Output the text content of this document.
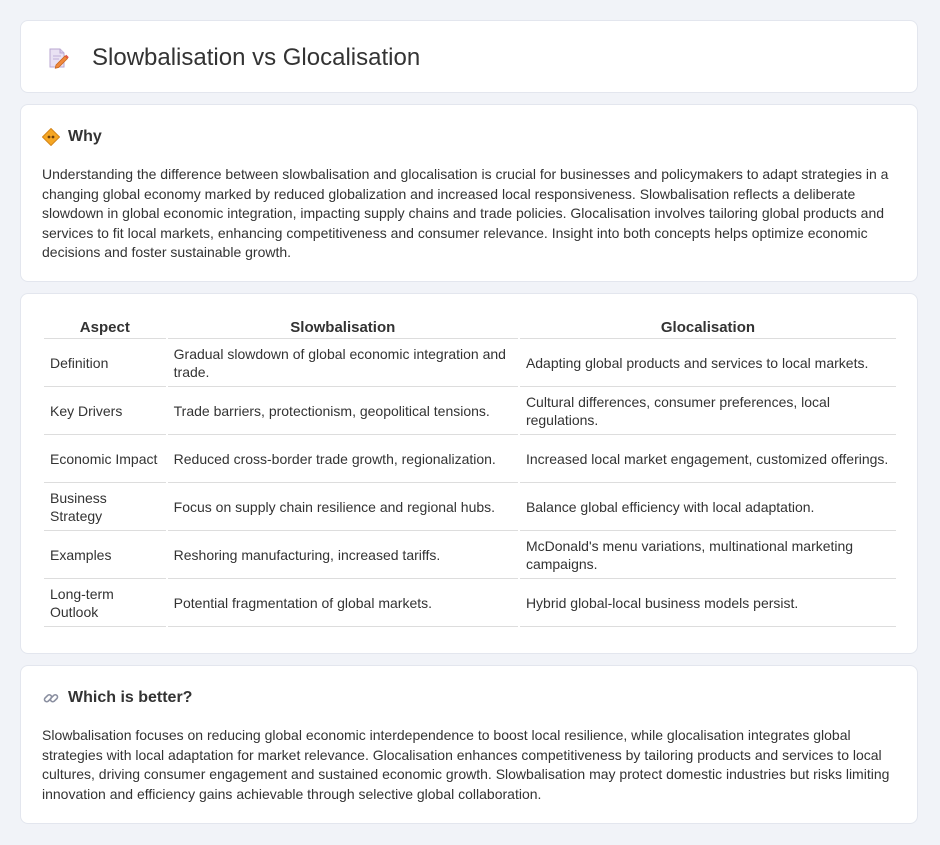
Slowbalisation vs Glocalisation
Why

Understanding the difference between slowbalisation and glocalisation is crucial for businesses and policymakers to adapt strategies in a changing global economy marked by reduced globalization and increased local responsiveness. Slowbalisation reflects a deliberate slowdown in global economic integration, impacting supply chains and trade policies. Glocalisation involves tailoring global products and services to fit local markets, enhancing competitiveness and consumer relevance. Insight into both concepts helps optimize economic decisions and foster sustainable growth.

Aspect	Slowbalisation	Glocalisation
Definition	Gradual slowdown of global economic integration and trade.	Adapting global products and services to local markets.
Key Drivers	Trade barriers, protectionism, geopolitical tensions.	Cultural differences, consumer preferences, local regulations.
Economic Impact	Reduced cross-border trade growth, regionalization.	Increased local market engagement, customized offerings.
Business Strategy	Focus on supply chain resilience and regional hubs.	Balance global efficiency with local adaptation.
Examples	Reshoring manufacturing, increased tariffs.	McDonald's menu variations, multinational marketing campaigns.
Long-term Outlook	Potential fragmentation of global markets.	Hybrid global-local business models persist.
Which is better?

Slowbalisation focuses on reducing global economic interdependence to boost local resilience, while glocalisation integrates global strategies with local adaptation for market relevance. Glocalisation enhances competitiveness by tailoring products and services to local cultures, driving consumer engagement and sustained economic growth. Slowbalisation may protect domestic industries but risks limiting innovation and efficiency gains achievable through selective global collaboration.
